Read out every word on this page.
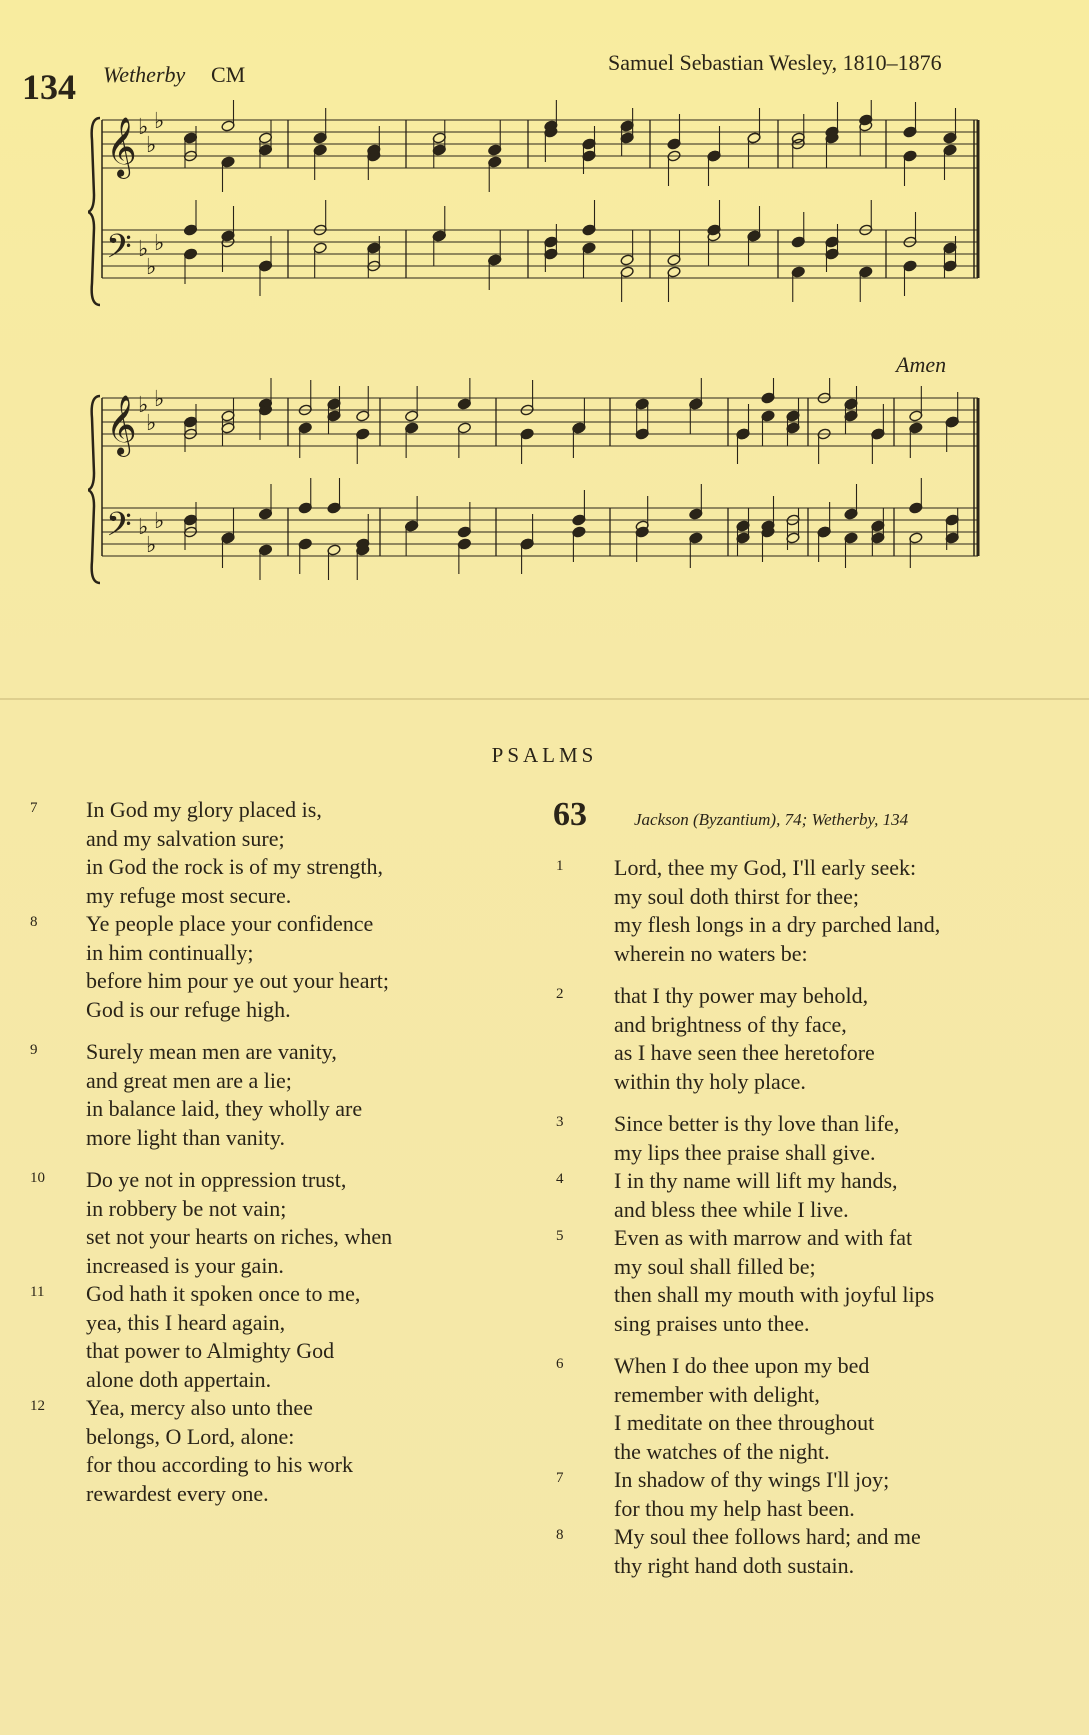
134 Wetherby CM	Samuel Sebastian Wesley, 1810–1876
Amen
𝄞 ♭
♭
♭
𝄢 ♭
♭
♭
𝄞 ♭
♭
♭
𝄢 ♭
♭
♭
PSALMS
63	Jackson (Byzantium), 74; Wetherby, 134
7	In God my glory placed is,
and my salvation sure;
in God the rock is of my strength,
my refuge most secure.
8	Ye people place your confidence
in him continually;
before him pour ye out your heart;
God is our refuge high.
9	Surely mean men are vanity,
and great men are a lie;
in balance laid, they wholly are
more light than vanity.
10	Do ye not in oppression trust,
in robbery be not vain;
set not your hearts on riches, when
increased is your gain.
11	God hath it spoken once to me,
yea, this I heard again,
that power to Almighty God
alone doth appertain.
12	Yea, mercy also unto thee
belongs, O Lord, alone:
for thou according to his work
rewardest every one.
1	Lord, thee my God, I'll early seek:
my soul doth thirst for thee;
my flesh longs in a dry parched land,
wherein no waters be:
2	that I thy power may behold,
and brightness of thy face,
as I have seen thee heretofore
within thy holy place.
3	Since better is thy love than life,
my lips thee praise shall give.
4	I in thy name will lift my hands,
and bless thee while I live.
5	Even as with marrow and with fat
my soul shall filled be;
then shall my mouth with joyful lips
sing praises unto thee.
6	When I do thee upon my bed
remember with delight,
I meditate on thee throughout
the watches of the night.
7	In shadow of thy wings I'll joy;
for thou my help hast been.
8	My soul thee follows hard; and me
thy right hand doth sustain.
